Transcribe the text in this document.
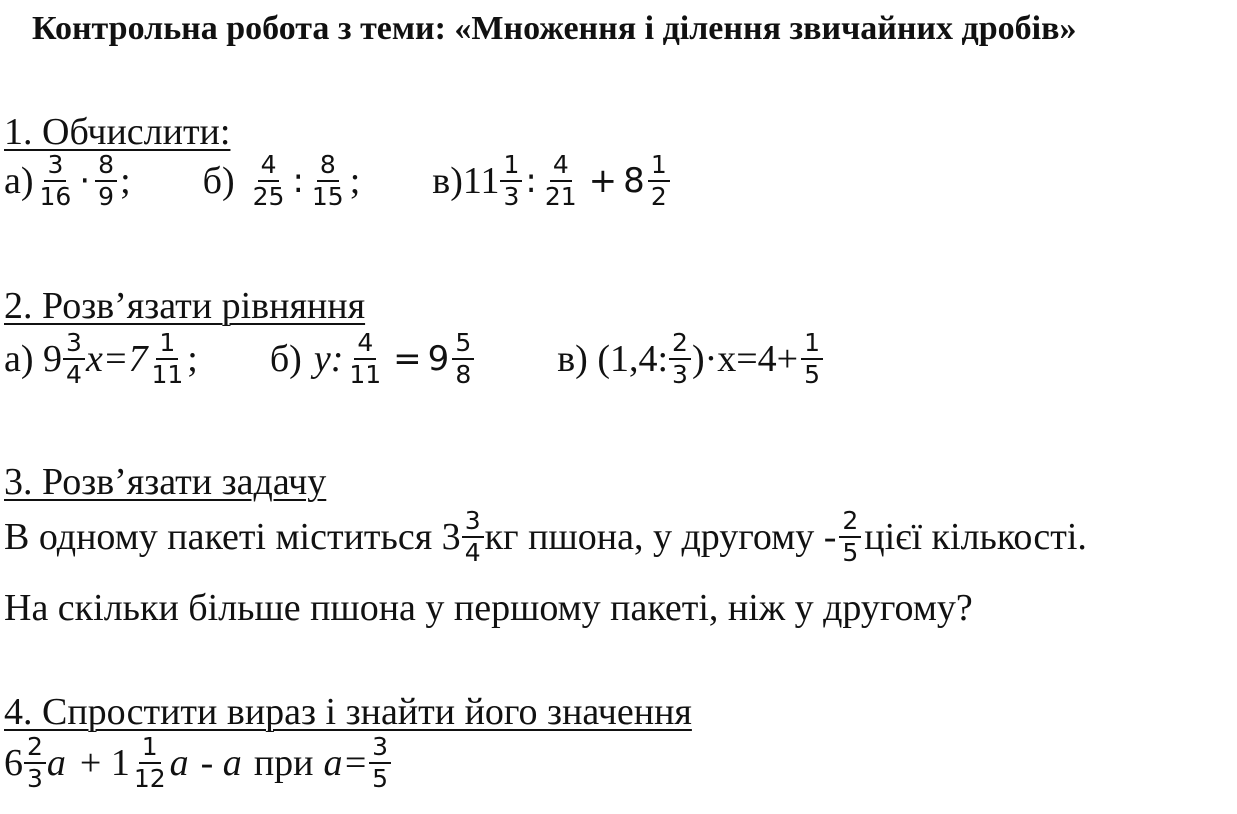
Контрольна робота з теми: «Множення і ділення звичайних дробів»
1. Обчислити:
$а) \frac{3}{16} \cdot \frac{8}{9}$ ; $б) \frac{4}{25}$ : $\frac{8}{15}$ ; в) $11 \frac{1}{3}$ : $\frac{4}{21} + 8 \frac{1}{2}$
2. Розв’язати рівняння
а) $9 \frac{3}{4} x=7 \frac{1}{11}$ ; б) y: $\frac{4}{11} = 9 \frac{5}{8} в$) (1,4: $\frac{2}{3} )\cdot x=4+ \frac{1}{5}$
3. Розв’язати задачу
В одному пакеті міститься $3 \frac{3}{4}$ кг пшона, у другому - $\frac{2}{5}$ цієї кількості.
На скільки більше пшона у першому пакеті, ніж у другому?
4. Спростити вираз і знайти його значення
$6 \frac{2}{3}$ $a + 1 \frac{1}{12}$ a - a при $a= \frac{3}{5}$
